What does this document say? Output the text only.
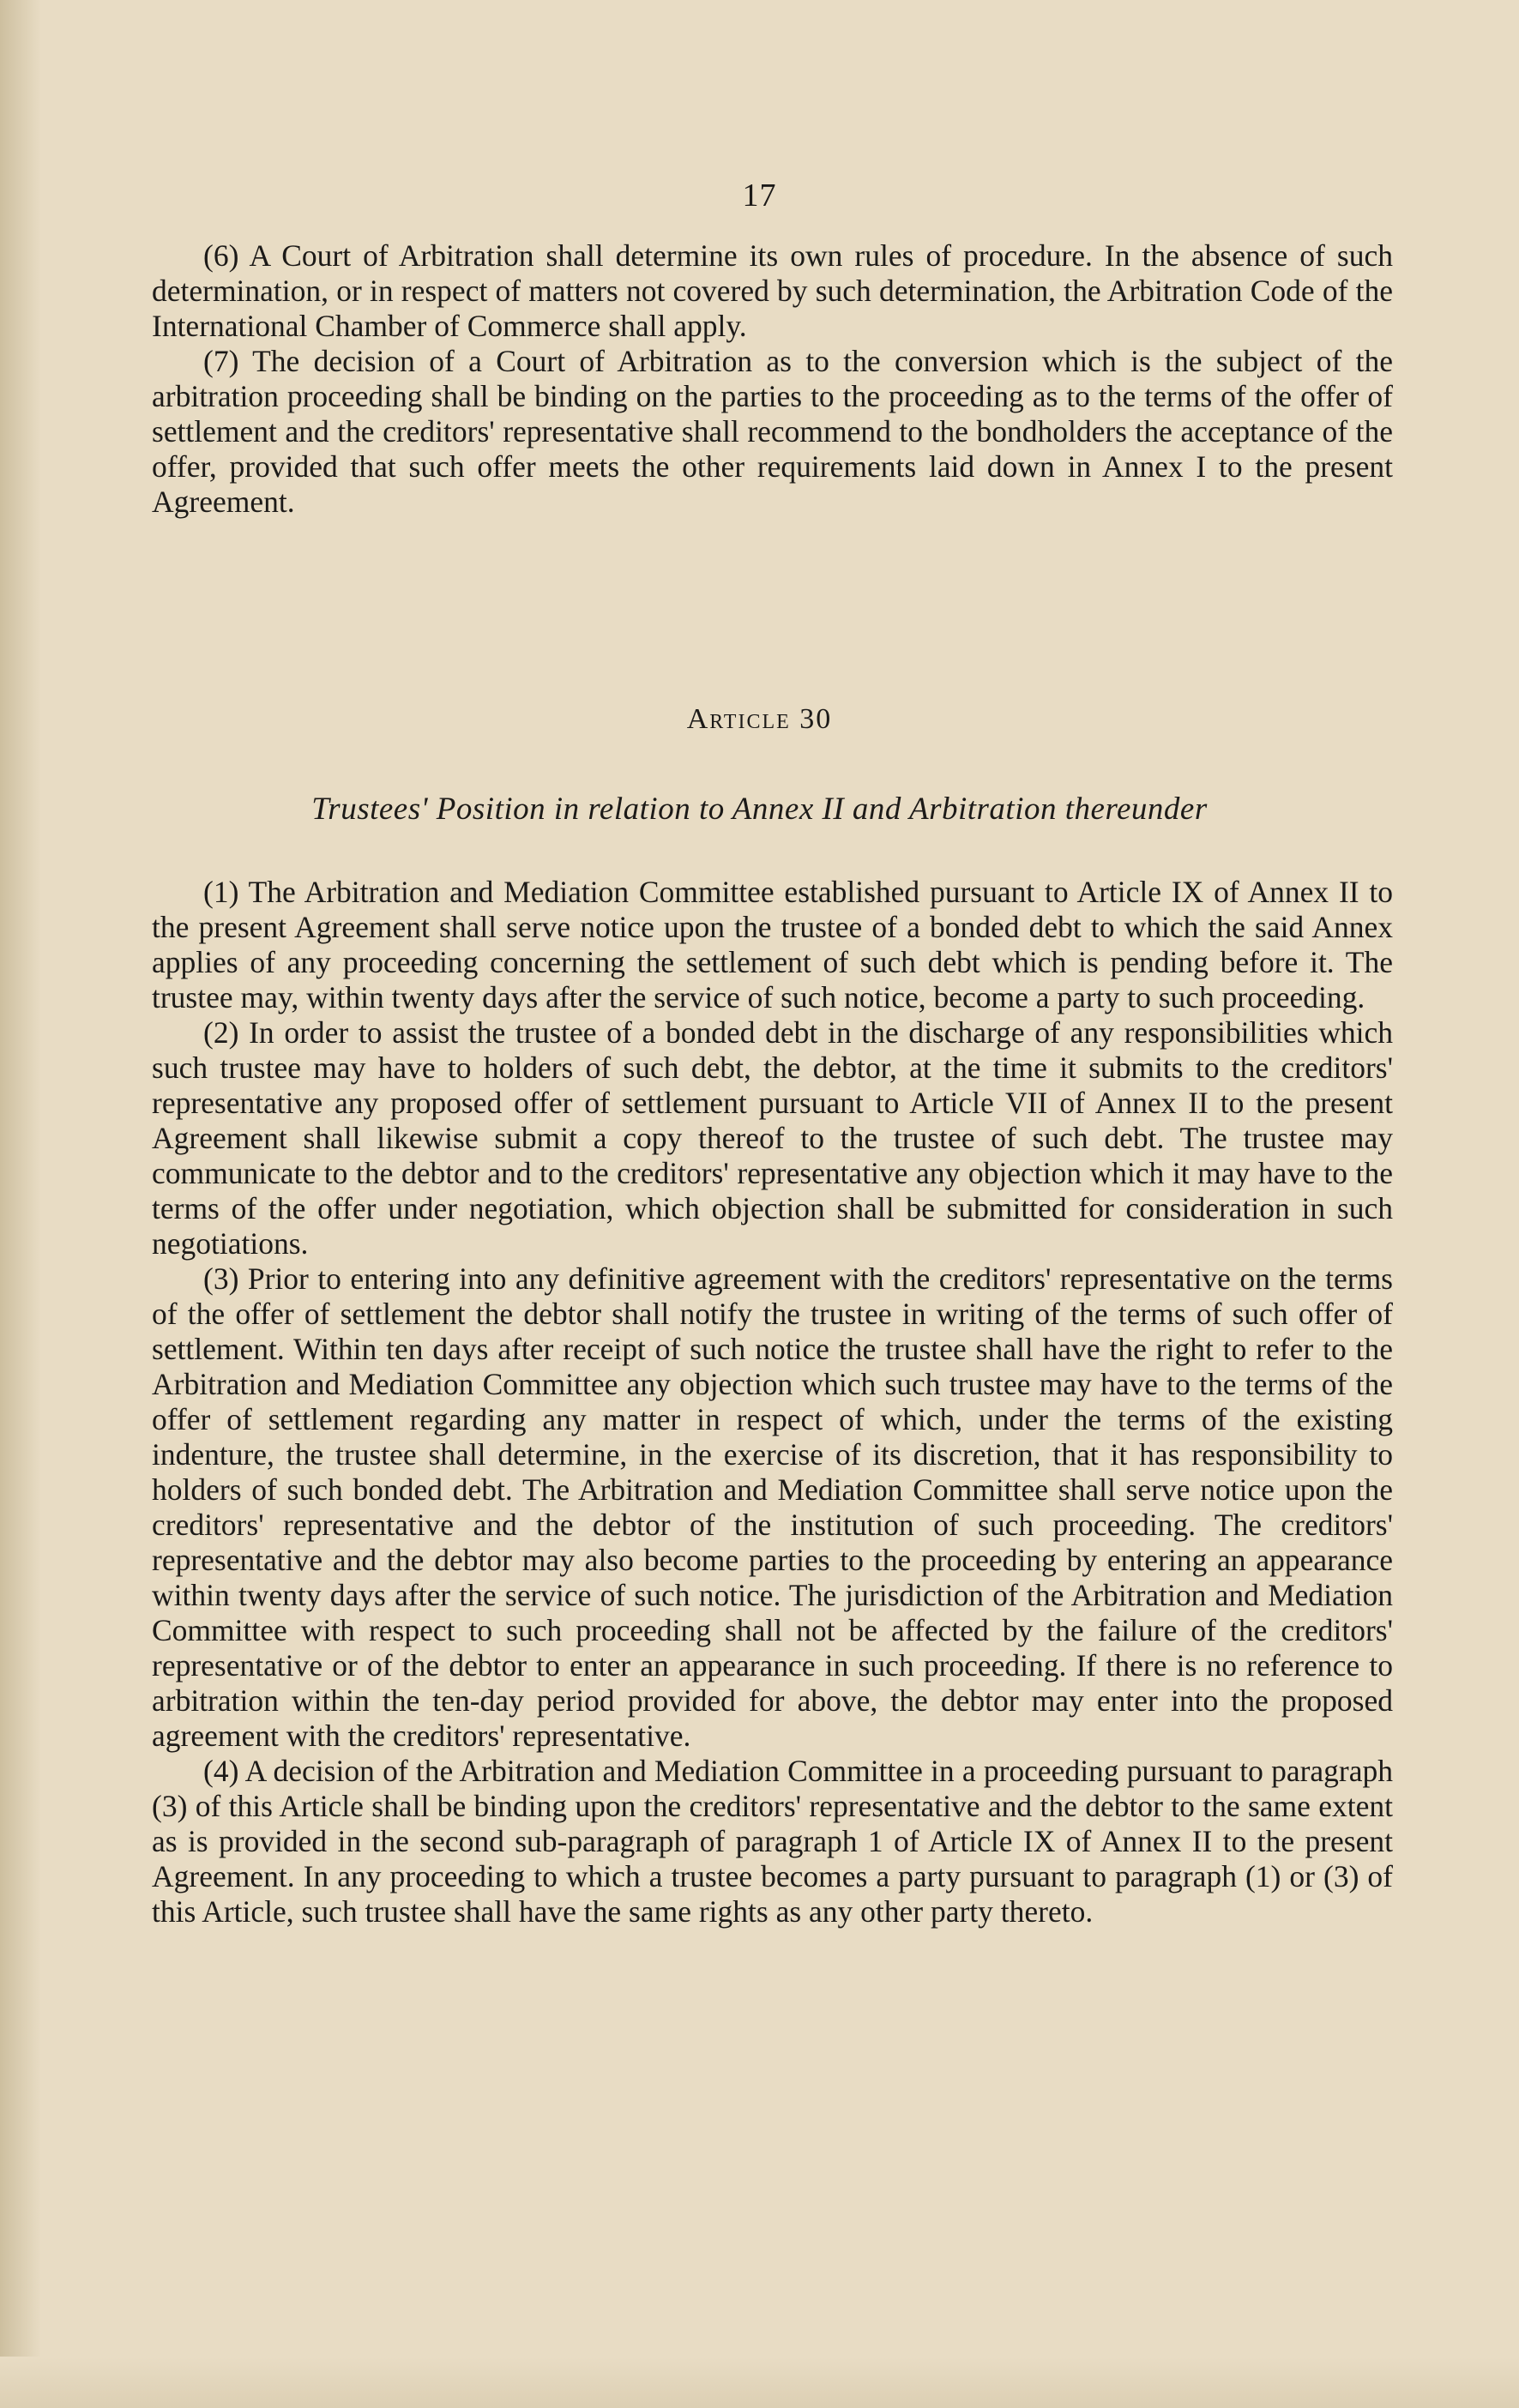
17

(6) A Court of Arbitration shall determine its own rules of procedure. In the absence of such determination, or in respect of matters not covered by such determination, the Arbitration Code of the International Chamber of Commerce shall apply.

(7) The decision of a Court of Arbitration as to the conversion which is the subject of the arbitration proceeding shall be binding on the parties to the proceeding as to the terms of the offer of settlement and the creditors' representative shall recommend to the bondholders the acceptance of the offer, provided that such offer meets the other requirements laid down in Annex I to the present Agreement.

Article 30
Trustees' Position in relation to Annex II and Arbitration thereunder

(1) The Arbitration and Mediation Committee established pursuant to Article IX of Annex II to the present Agreement shall serve notice upon the trustee of a bonded debt to which the said Annex applies of any proceeding concerning the settlement of such debt which is pending before it. The trustee may, within twenty days after the service of such notice, become a party to such proceeding.

(2) In order to assist the trustee of a bonded debt in the discharge of any responsibilities which such trustee may have to holders of such debt, the debtor, at the time it submits to the creditors' representative any proposed offer of settlement pursuant to Article VII of Annex II to the present Agreement shall likewise submit a copy thereof to the trustee of such debt. The trustee may communicate to the debtor and to the creditors' representative any objection which it may have to the terms of the offer under negotiation, which objection shall be submitted for consideration in such negotiations.

(3) Prior to entering into any definitive agreement with the creditors' representative on the terms of the offer of settlement the debtor shall notify the trustee in writing of the terms of such offer of settlement. Within ten days after receipt of such notice the trustee shall have the right to refer to the Arbitration and Mediation Committee any objection which such trustee may have to the terms of the offer of settlement regarding any matter in respect of which, under the terms of the existing indenture, the trustee shall determine, in the exercise of its discretion, that it has responsibility to holders of such bonded debt. The Arbitration and Mediation Committee shall serve notice upon the creditors' representative and the debtor of the institution of such proceeding. The creditors' representative and the debtor may also become parties to the proceeding by entering an appearance within twenty days after the service of such notice. The jurisdiction of the Arbitration and Mediation Committee with respect to such proceeding shall not be affected by the failure of the creditors' representative or of the debtor to enter an appearance in such proceeding. If there is no reference to arbitration within the ten-day period provided for above, the debtor may enter into the proposed agreement with the creditors' representative.

(4) A decision of the Arbitration and Mediation Committee in a proceeding pursuant to paragraph (3) of this Article shall be binding upon the creditors' representative and the debtor to the same extent as is provided in the second sub-paragraph of paragraph 1 of Article IX of Annex II to the present Agreement. In any proceeding to which a trustee becomes a party pursuant to paragraph (1) or (3) of this Article, such trustee shall have the same rights as any other party thereto.
